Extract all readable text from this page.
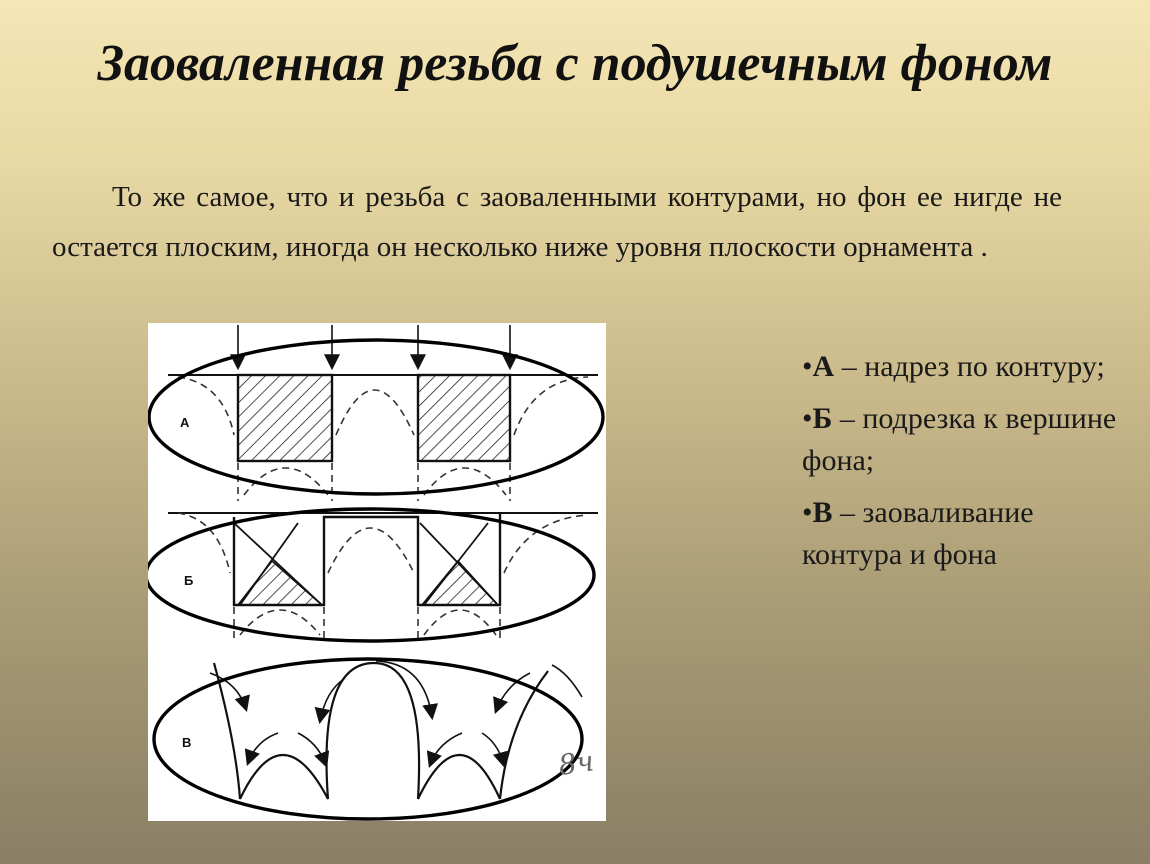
Заоваленная резьба с подушечным фоном

То же самое, что и резьба с заоваленными контурами, но фон ее нигде не остается плоским, иногда он несколько ниже уровня плоскости орнамента .

А
Б
В
8ч
•А – надрез по контуру;
•Б – подрезка к вершине фона;
•В – заоваливание контура и фона
